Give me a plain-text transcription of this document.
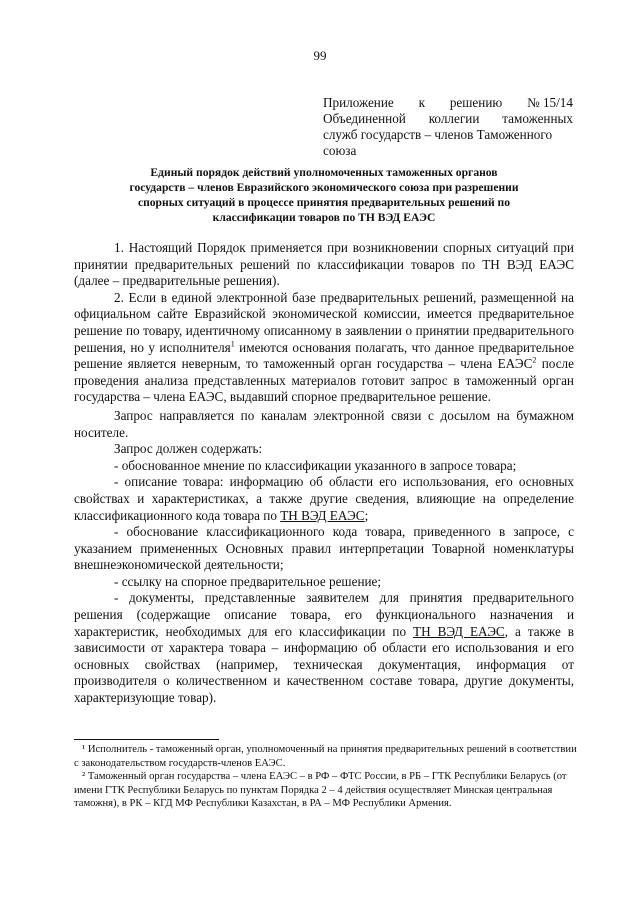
99
Приложение к решению № 15/14
Объединенной коллегии таможенных
служб государств – членов Таможенного
союза
Единый порядок действий уполномоченных таможенных органов
государств – членов Евразийского экономического союза при разрешении
спорных ситуаций в процессе принятия предварительных решений по
классификации товаров по ТН ВЭД ЕАЭС

1. Настоящий Порядок применяется при возникновении спорных ситуаций при принятии предварительных решений по классификации товаров по ТН ВЭД ЕАЭС (далее – предварительные решения).

2. Если в единой электронной базе предварительных решений, размещенной на официальном сайте Евразийской экономической комиссии, имеется предварительное решение по товару, идентичному описанному в заявлении о принятии предварительного решения, но у исполнителя$^1$ имеются основания полагать, что данное предварительное решение является неверным, то таможенный орган государства – члена ЕАЭС$^2$ после проведения анализа представленных материалов готовит запрос в таможенный орган государства – члена ЕАЭС, выдавший спорное предварительное решение.

Запрос направляется по каналам электронной связи с досылом на бумажном носителе.

Запрос должен содержать:

- обоснованное мнение по классификации указанного в запросе товара;

- описание товара: информацию об области его использования, его основных свойствах и характеристиках, а также другие сведения, влияющие на определение классификационного кода товара по ТН ВЭД ЕАЭС;

- обоснование классификационного кода товара, приведенного в запросе, с указанием примененных Основных правил интерпретации Товарной номенклатуры внешнеэкономической деятельности;

- ссылку на спорное предварительное решение;

- документы, представленные заявителем для принятия предварительного решения (содержащие описание товара, его функционального назначения и характеристик, необходимых для его классификации по ТН ВЭД ЕАЭС, а также в зависимости от характера товара – информацию об области его использования и его основных свойствах (например, техническая документация, информация от производителя о количественном и качественном составе товара, другие документы, характеризующие товар).

¹ Исполнитель - таможенный орган, уполномоченный на принятия предварительных решений в соответствии с законодательством государств-членов ЕАЭС.

² Таможенный орган государства – члена ЕАЭС – в РФ – ФТС России, в РБ – ГТК Республики Беларусь (от имени ГТК Республики Беларусь по пунктам Порядка 2 – 4 действия осуществляет Минская центральная таможня), в РК – КГД МФ Республики Казахстан, в РА – МФ Республики Армения.
